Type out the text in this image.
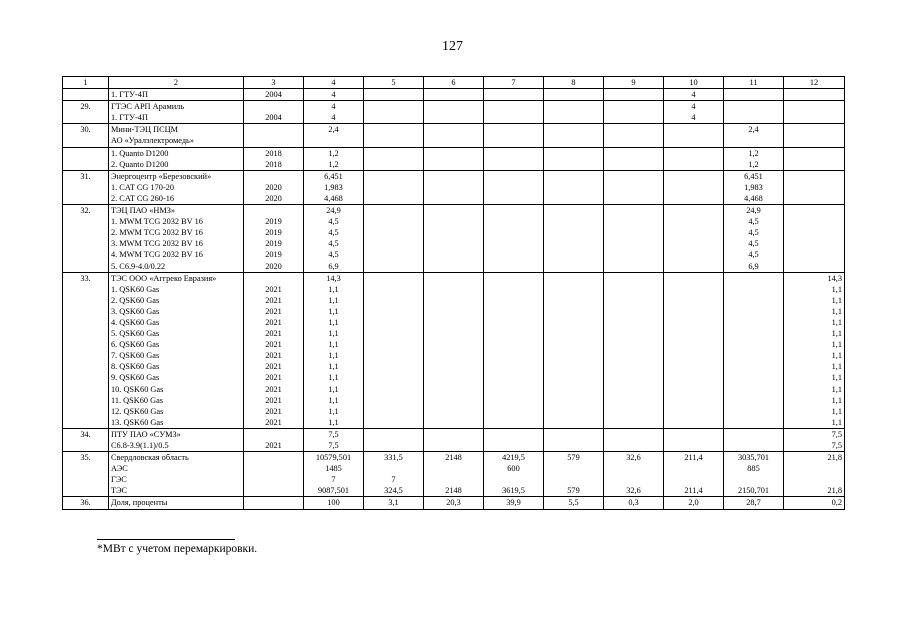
127
1	2	3	4	5	6	7	8	9	10	11	12
	1. ГТУ-4П	2004	4						4		
29.	ГТЭС АРП Арамиль		4						4		
	1. ГТУ-4П	2004	4						4		
30.	Мини-ТЭЦ ПСЦМ		2,4							2,4	
	АО «Уралэлектромедь»										
	1. Quanto D1200	2018	1,2							1,2	
	2. Quanto D1200	2018	1,2							1,2	
31.	Энергоцентр «Березовский»		6,451							6,451	
	1. CAT CG 170-20	2020	1,983							1,983	
	2. CAT CG 260-16	2020	4,468							4,468	
32.	ТЭЦ ПАО «НМЗ»		24,9							24,9	
	1. MWM TCG 2032 BV 16	2019	4,5							4,5	
	2. MWM TCG 2032 BV 16	2019	4,5							4,5	
	3. MWM TCG 2032 BV 16	2019	4,5							4,5	
	4. MWM TCG 2032 BV 16	2019	4,5							4,5	
	5. С6.9-4.0/0.22	2020	6,9							6,9	
33.	ТЭС ООО «Аггреко Евразия»		14,3								14,3
	1. QSK60 Gas	2021	1,1								1,1
	2. QSK60 Gas	2021	1,1								1,1
	3. QSK60 Gas	2021	1,1								1,1
	4. QSK60 Gas	2021	1,1								1,1
	5. QSK60 Gas	2021	1,1								1,1
	6. QSK60 Gas	2021	1,1								1,1
	7. QSK60 Gas	2021	1,1								1,1
	8. QSK60 Gas	2021	1,1								1,1
	9. QSK60 Gas	2021	1,1								1,1
	10. QSK60 Gas	2021	1,1								1,1
	11. QSK60 Gas	2021	1,1								1,1
	12. QSK60 Gas	2021	1,1								1,1
	13. QSK60 Gas	2021	1,1								1,1
34.	ПТУ ПАО «СУМЗ»		7,5								7,5
	С6.8-3.9(1.1)/0.5	2021	7,5								7,5
35.	Свердловская область		10579,501	331,5	2148	4219,5	579	32,6	211,4	3035,701	21,8
	АЭС		1485			600				885	
	ГЭС		7	7							
	ТЭС		9087,501	324,5	2148	3619,5	579	32,6	211,4	2150,701	21,8
36.	Доля, проценты		100	3,1	20,3	39,9	5,5	0,3	2,0	28,7	0,2
*МВт с учетом перемаркировки.
